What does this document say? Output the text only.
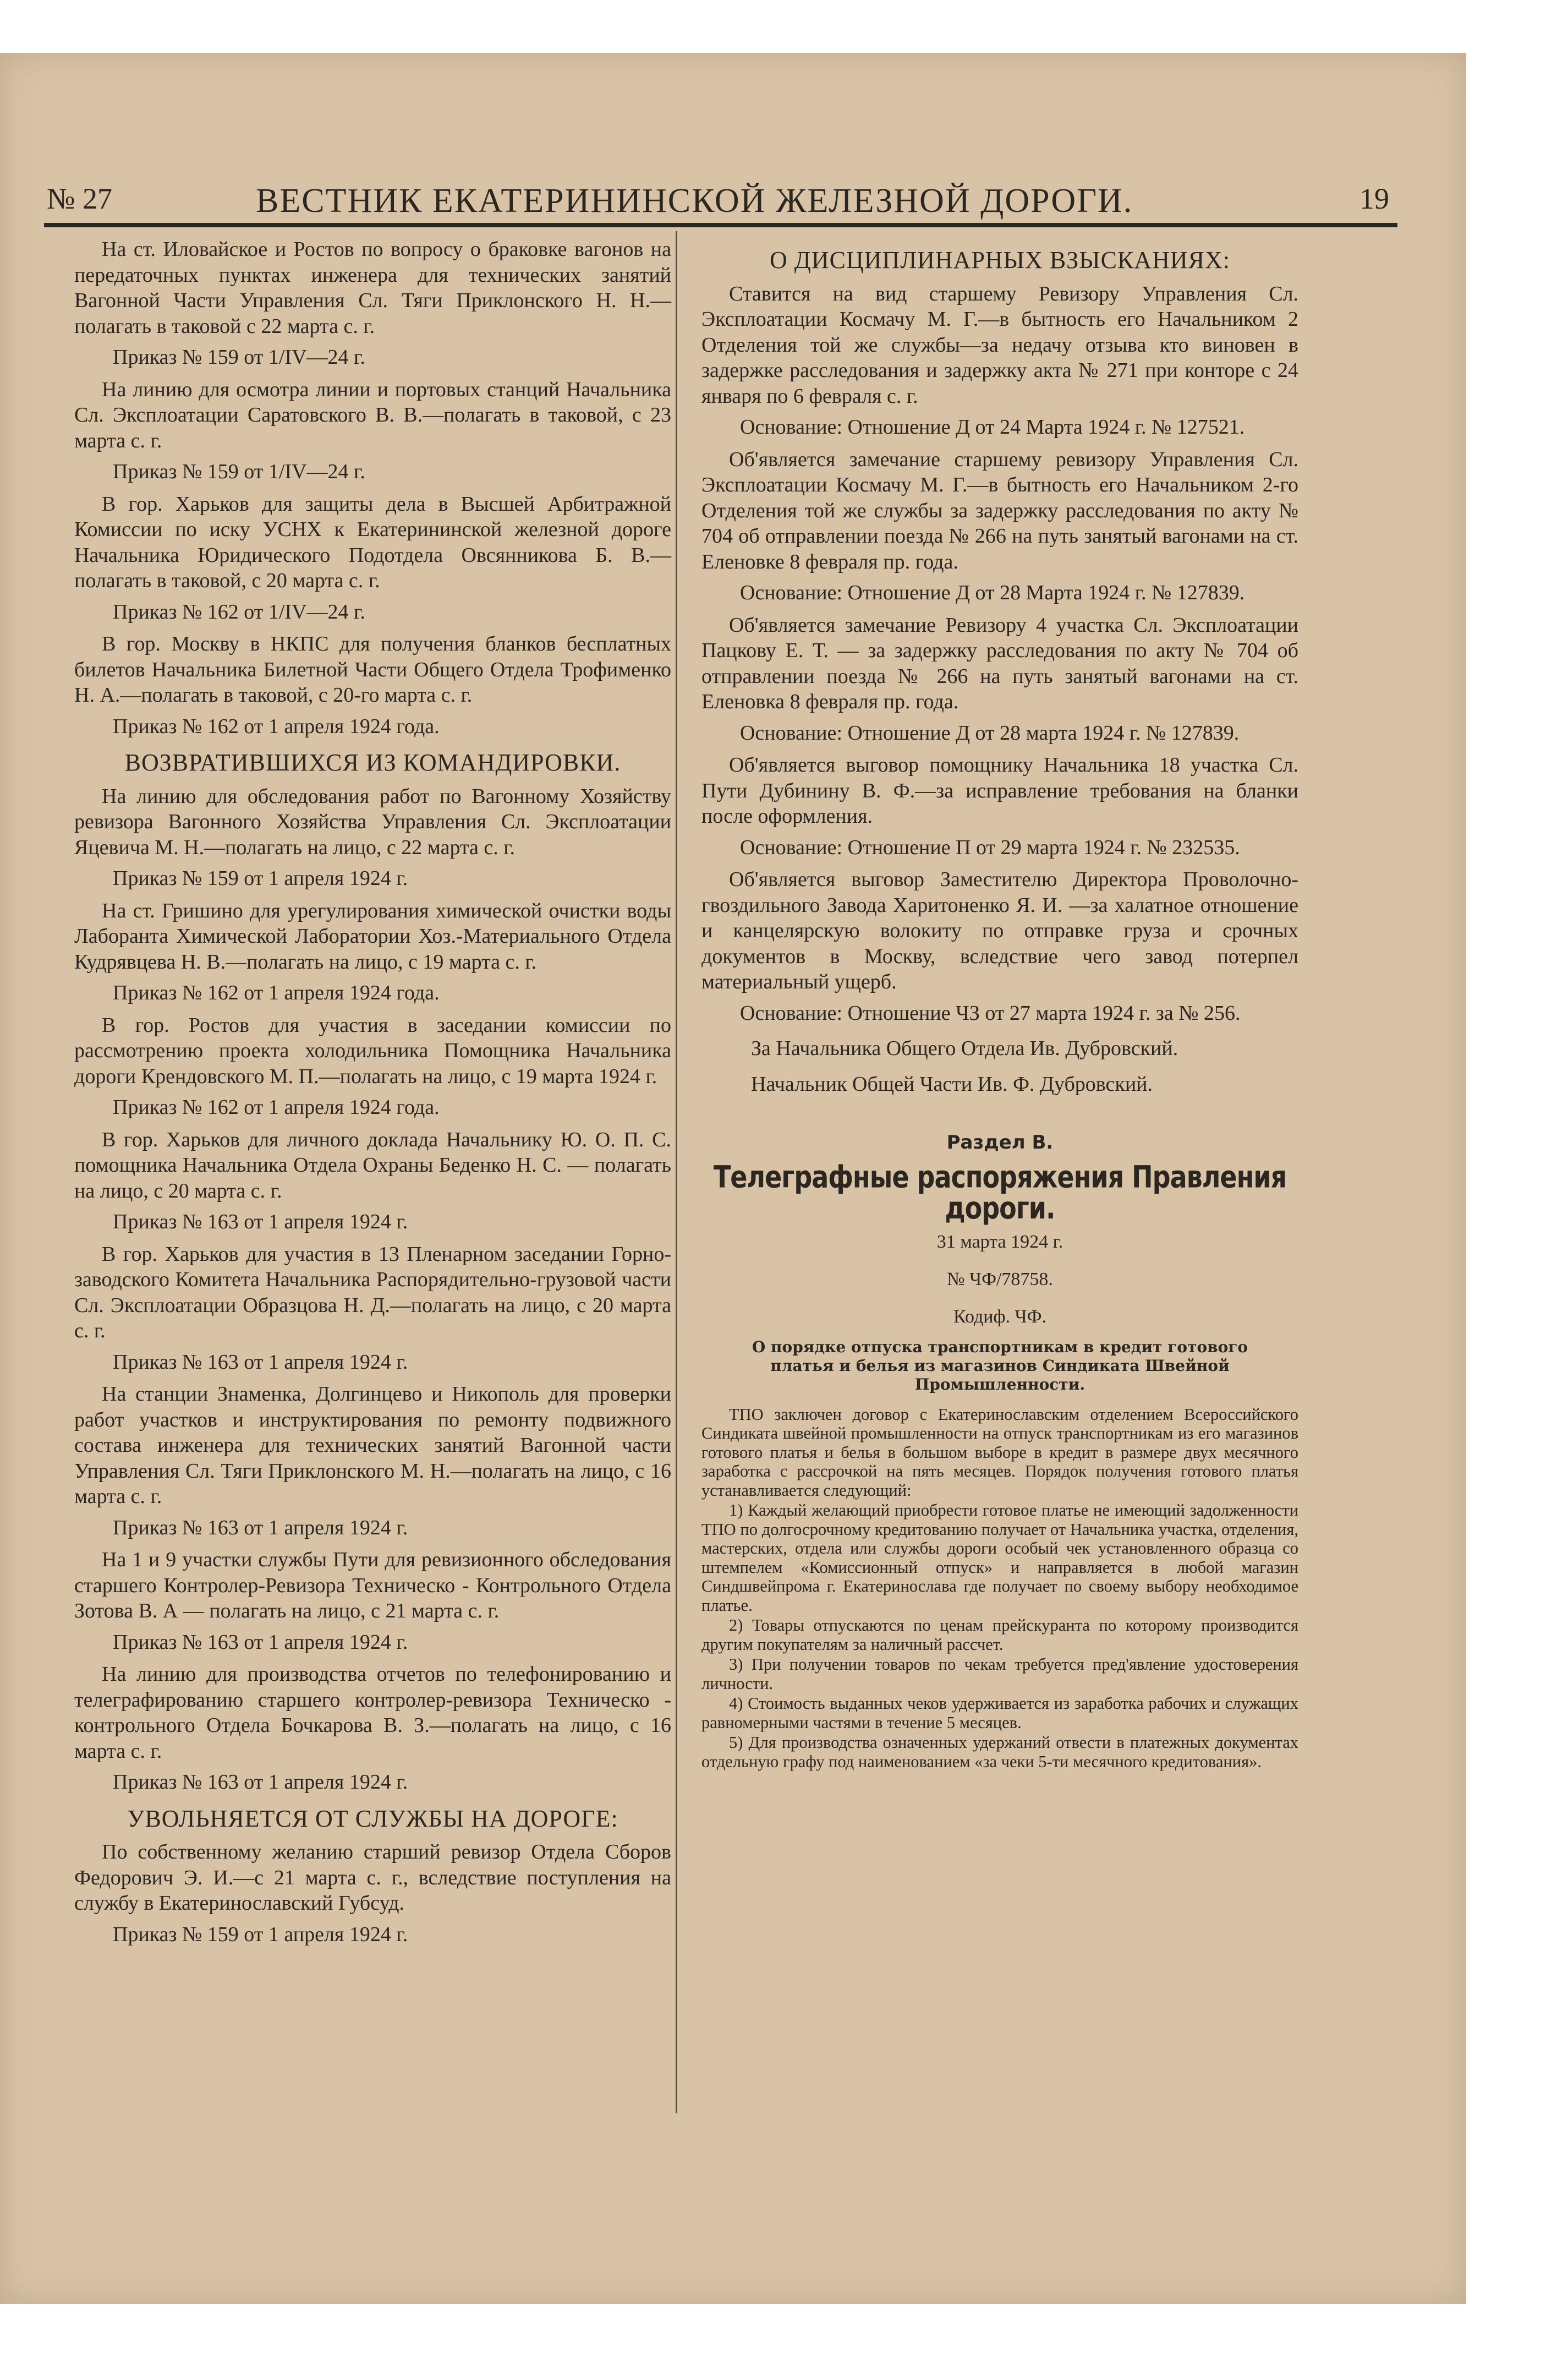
№ 27	ВЕСТНИК ЕКАТЕРИНИНСКОЙ ЖЕЛЕЗНОЙ ДОРОГИ.	19

На ст. Иловайское и Ростов по вопросу о браковке вагонов на передаточных пунктах инженера для технических занятий Вагонной Части Управления Сл. Тяги Приклонского Н. Н.—полагать в таковой с 22 марта с. г.

Приказ № 159 от 1/IV—24 г.

На линию для осмотра линии и портовых станций Начальника Сл. Эксплоатации Саратовского В. В.—полагать в таковой, с 23 марта с. г.

Приказ № 159 от 1/IV—24 г.

В гор. Харьков для защиты дела в Высшей Арбитражной Комиссии по иску УСНХ к Екатерининской железной дороге Начальника Юридического Подотдела Овсянникова Б. В.—полагать в таковой, с 20 марта с. г.

Приказ № 162 от 1/IV—24 г.

В гор. Москву в НКПС для получения бланков бесплатных билетов Начальника Билетной Части Общего Отдела Трофименко Н. А.—полагать в таковой, с 20-го марта с. г.

Приказ № 162 от 1 апреля 1924 года.

ВОЗВРАТИВШИХСЯ ИЗ КОМАНДИРОВКИ.

На линию для обследования работ по Вагонному Хозяйству ревизора Вагонного Хозяйства Управления Сл. Эксплоатации Яцевича М. Н.—полагать на лицо, с 22 марта с. г.

Приказ № 159 от 1 апреля 1924 г.

На ст. Гришино для урегулирования химической очистки воды Лаборанта Химической Лаборатории Хоз.-Материального Отдела Кудрявцева Н. В.—полагать на лицо, с 19 марта с. г.

Приказ № 162 от 1 апреля 1924 года.

В гор. Ростов для участия в заседании комиссии по рассмотрению проекта холодильника Помощника Начальника дороги Крендовского М. П.—полагать на лицо, с 19 марта 1924 г.

Приказ № 162 от 1 апреля 1924 года.

В гор. Харьков для личного доклада Начальнику Ю. О. П. С. помощника Начальника Отдела Охраны Беденко Н. С. — полагать на лицо, с 20 марта с. г.

Приказ № 163 от 1 апреля 1924 г.

В гор. Харьков для участия в 13 Пленарном заседании Горно-заводского Комитета Начальника Распорядительно-грузовой части Сл. Эксплоатации Образцова Н. Д.—полагать на лицо, с 20 марта с. г.

Приказ № 163 от 1 апреля 1924 г.

На станции Знаменка, Долгинцево и Никополь для проверки работ участков и инструктирования по ремонту подвижного состава инженера для технических занятий Вагонной части Управления Сл. Тяги Приклонского М. Н.—полагать на лицо, с 16 марта с. г.

Приказ № 163 от 1 апреля 1924 г.

На 1 и 9 участки службы Пути для ревизионного обследования старшего Контролер-Ревизора Техническо - Контрольного Отдела Зотова В. А — полагать на лицо, с 21 марта с. г.

Приказ № 163 от 1 апреля 1924 г.

На линию для производства отчетов по телефонированию и телеграфированию старшего контролер-ревизора Техническо - контрольного Отдела Бочкарова В. З.—полагать на лицо, с 16 марта с. г.

Приказ № 163 от 1 апреля 1924 г.

УВОЛЬНЯЕТСЯ ОТ СЛУЖБЫ НА ДОРОГЕ:

По собственному желанию старший ревизор Отдела Сборов Федорович Э. И.—с 21 марта с. г., вследствие поступления на службу в Екатеринославский Губсуд.

Приказ № 159 от 1 апреля 1924 г.

О ДИСЦИПЛИНАРНЫХ ВЗЫСКАНИЯХ:

Ставится на вид старшему Ревизору Управления Сл. Эксплоатации Космачу М. Г.—в бытность его Начальником 2 Отделения той же службы—за недачу отзыва кто виновен в задержке расследования и задержку акта № 271 при конторе с 24 января по 6 февраля с. г.

Основание: Отношение Д от 24 Марта 1924 г. № 127521.

Об'является замечание старшему ревизору Управления Сл. Эксплоатации Космачу М. Г.—в бытность его Начальником 2-го Отделения той же службы за задержку расследования по акту № 704 об отправлении поезда № 266 на путь занятый вагонами на ст. Еленовке 8 февраля пр. года.

Основание: Отношение Д от 28 Марта 1924 г. № 127839.

Об'является замечание Ревизору 4 участка Сл. Эксплоатации Пацкову Е. Т. — за задержку расследования по акту № 704 об отправлении поезда № 266 на путь занятый вагонами на ст. Еленовка 8 февраля пр. года.

Основание: Отношение Д от 28 марта 1924 г. № 127839.

Об'является выговор помощнику Начальника 18 участка Сл. Пути Дубинину В. Ф.—за исправление требования на бланки после оформления.

Основание: Отношение П от 29 марта 1924 г. № 232535.

Об'является выговор Заместителю Директора Проволочно-гвоздильного Завода Харитоненко Я. И. —за халатное отношение и канцелярскую волокиту по отправке груза и срочных документов в Москву, вследствие чего завод потерпел материальный ущерб.

Основание: Отношение ЧЗ от 27 марта 1924 г. за № 256.

За Начальника Общего Отдела Ив. Дубровский.

Начальник Общей Части Ив. Ф. Дубровский.

Раздел В.
Телеграфные распоряжения Правления дороги.
31 марта 1924 г.
№ ЧФ/78758.
Кодиф. ЧФ.
О порядке отпуска транспортникам в кредит готового платья и белья из магазинов Синдиката Швейной Промышленности.

ТПО заключен договор с Екатеринославским отделением Всероссийского Синдиката швейной промышленности на отпуск транспортникам из его магазинов готового платья и белья в большом выборе в кредит в размере двух месячного заработка с рассрочкой на пять месяцев. Порядок получения готового платья устанавливается следующий:

1) Каждый желающий приобрести готовое платье не имеющий задолженности ТПО по долгосрочному кредитованию получает от Начальника участка, отделения, мастерских, отдела или службы дороги особый чек установленного образца со штемпелем «Комиссионный отпуск» и направляется в любой магазин Синдшвейпрома г. Екатеринослава где получает по своему выбору необходимое платье.

2) Товары отпускаются по ценам прейскуранта по которому производится другим покупателям за наличный рассчет.

3) При получении товаров по чекам требуется пред'явление удостоверения личности.

4) Стоимость выданных чеков удерживается из заработка рабочих и служащих равномерными частями в течение 5 месяцев.

5) Для производства означенных удержаний отвести в платежных документах отдельную графу под наименованием «за чеки 5-ти месячного кредитования».
